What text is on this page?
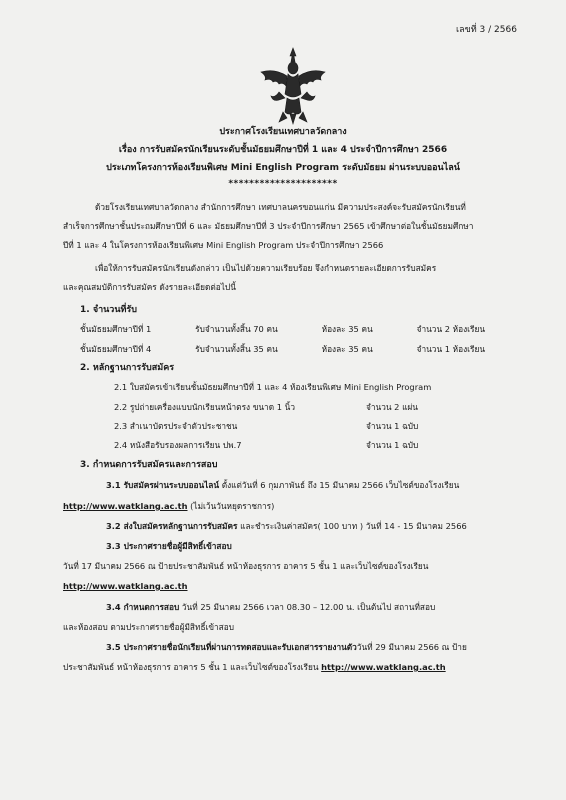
เลขที่ 3 / 2566
ประกาศโรงเรียนเทศบาลวัดกลาง
เรื่อง การรับสมัครนักเรียนระดับชั้นมัธยมศึกษาปีที่ 1 และ 4 ประจำปีการศึกษา 2566
ประเภทโครงการห้องเรียนพิเศษ Mini English Program ระดับมัธยม ผ่านระบบออนไลน์
*********************
ด้วยโรงเรียนเทศบาลวัดกลาง สำนักการศึกษา เทศบาลนครขอนแก่น มีความประสงค์จะรับสมัครนักเรียนที่
สำเร็จการศึกษาชั้นประถมศึกษาปีที่ 6 และ มัธยมศึกษาปีที่ 3 ประจำปีการศึกษา 2565 เข้าศึกษาต่อในชั้นมัธยมศึกษา
ปีที่ 1 และ 4 ในโครงการห้องเรียนพิเศษ Mini English Program ประจำปีการศึกษา 2566
เพื่อให้การรับสมัครนักเรียนดังกล่าว เป็นไปด้วยความเรียบร้อย จึงกำหนดรายละเอียดการรับสมัคร
และคุณสมบัติการรับสมัคร ดังรายละเอียดต่อไปนี้
1. จำนวนที่รับ
ชั้นมัธยมศึกษาปีที่ 1	รับจำนวนทั้งสิ้น 70 คน	ห้องละ 35 คน	จำนวน 2 ห้องเรียน
ชั้นมัธยมศึกษาปีที่ 4	รับจำนวนทั้งสิ้น 35 คน	ห้องละ 35 คน	จำนวน 1 ห้องเรียน
2. หลักฐานการรับสมัคร
2.1 ใบสมัครเข้าเรียนชั้นมัธยมศึกษาปีที่ 1 และ 4 ห้องเรียนพิเศษ Mini English Program
2.2 รูปถ่ายเครื่องแบบนักเรียนหน้าตรง ขนาด 1 นิ้ว	จำนวน 2 แผ่น
2.3 สำเนาบัตรประจำตัวประชาชน	จำนวน 1 ฉบับ
2.4 หนังสือรับรองผลการเรียน ปพ.7	จำนวน 1 ฉบับ
3. กำหนดการรับสมัครและการสอบ
3.1 รับสมัครผ่านระบบออนไลน์ ตั้งแต่วันที่ 6 กุมภาพันธ์ ถึง 15 มีนาคม 2566 เว็บไซต์ของโรงเรียน
http://www.watklang.ac.th (ไม่เว้นวันหยุดราชการ)
3.2 ส่งใบสมัครหลักฐานการรับสมัคร และชำระเงินค่าสมัคร( 100 บาท ) วันที่ 14 - 15 มีนาคม 2566
3.3 ประกาศรายชื่อผู้มีสิทธิ์เข้าสอบ
วันที่ 17 มีนาคม 2566 ณ ป้ายประชาสัมพันธ์ หน้าห้องธุรการ อาคาร 5 ชั้น 1 และเว็บไซต์ของโรงเรียน
http://www.watklang.ac.th
3.4 กำหนดการสอบ วันที่ 25 มีนาคม 2566 เวลา 08.30 – 12.00 น. เป็นต้นไป สถานที่สอบ
และห้องสอบ ตามประกาศรายชื่อผู้มีสิทธิ์เข้าสอบ
3.5 ประกาศรายชื่อนักเรียนที่ผ่านการทดสอบและรับเอกสารรายงานตัววันที่ 29 มีนาคม 2566 ณ ป้าย
ประชาสัมพันธ์ หน้าห้องธุรการ อาคาร 5 ชั้น 1 และเว็บไซต์ของโรงเรียน http://www.watklang.ac.th
